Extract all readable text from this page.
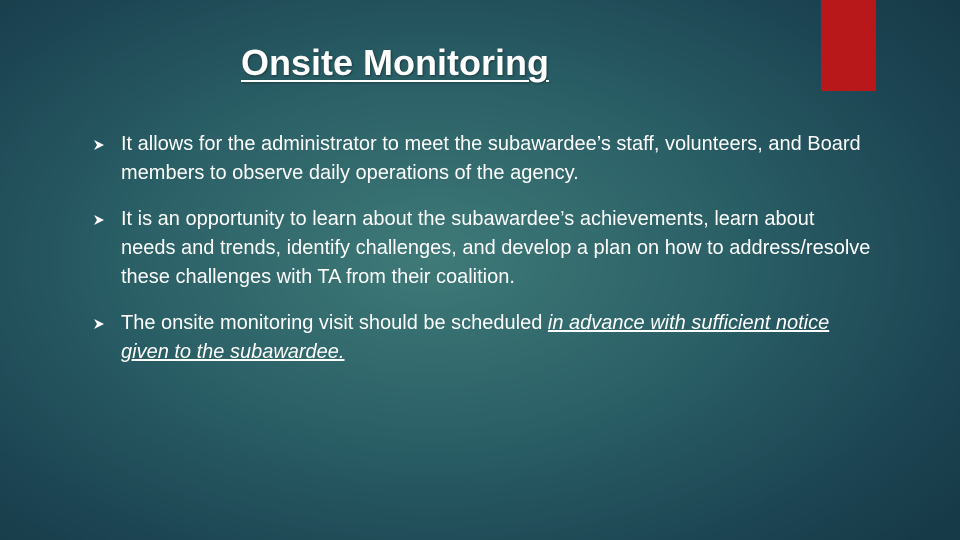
Onsite Monitoring
It allows for the administrator to meet the subawardee’s staff, volunteers, and Board members to observe daily operations of the agency.
It is an opportunity to learn about the subawardee’s achievements, learn about needs and trends, identify challenges, and develop a plan on how to address/resolve these challenges with TA from their coalition.
The onsite monitoring visit should be scheduled in advance with sufficient notice given to the subawardee.
